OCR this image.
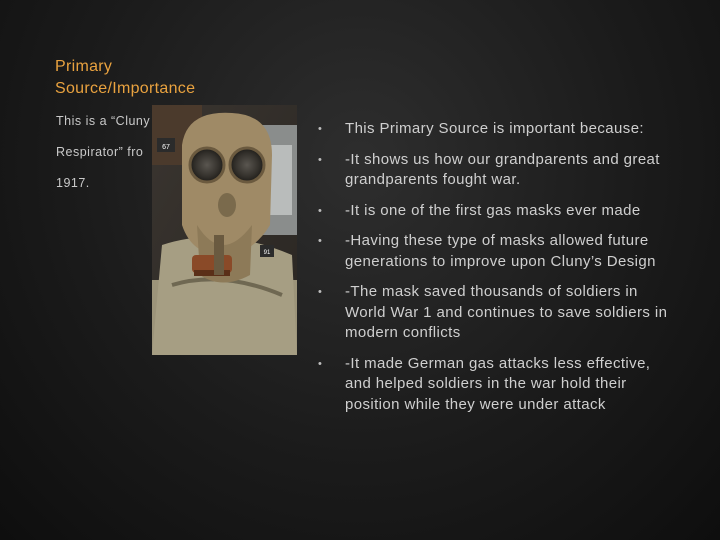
Primary Source/Importance
This is a “Cluny
Respirator” fro
1917.
67
91
• This Primary Source is important because:
• -It shows us how our grandparents and great grandparents fought war.
• -It is one of the first gas masks ever made
• -Having these type of masks allowed future generations to improve upon Cluny’s Design
• -The mask saved thousands of soldiers in World War 1 and continues to save soldiers in modern conflicts
• -It made German gas attacks less effective, and helped soldiers in the war hold their position while they were under attack
